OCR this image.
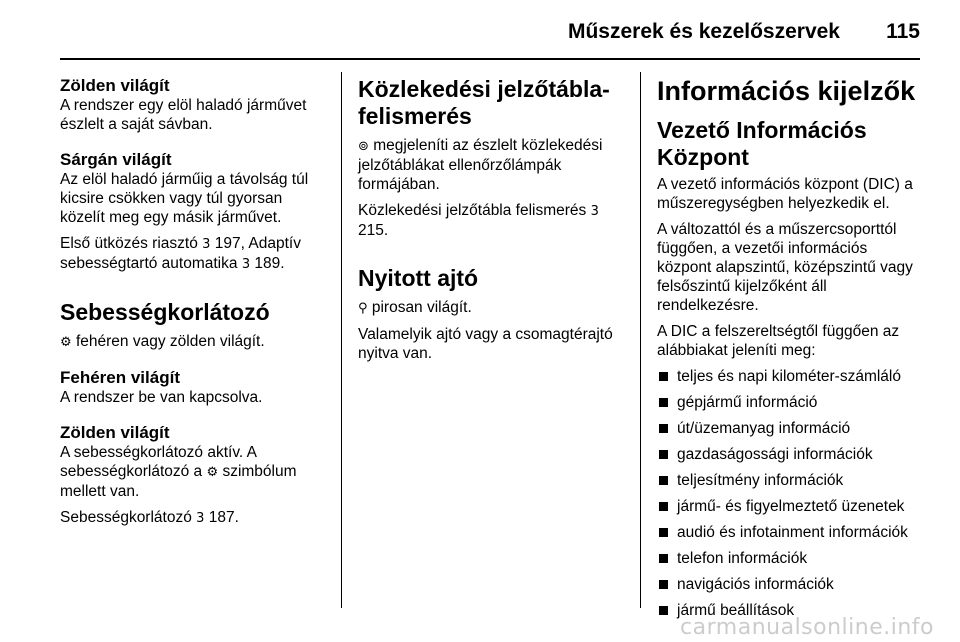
Műszerek és kezelőszervek 115
Zölden világít

A rendszer egy elöl haladó járművet észlelt a saját sávban.

Sárgán világít

Az elöl haladó járműig a távolság túl kicsire csökken vagy túl gyorsan közelít meg egy másik járművet.

Első ütközés riasztó 3 197, Adaptív sebességtartó automatika 3 189.

Sebességkorlátozó

⚙ fehéren vagy zölden világít.

Fehéren világít

A rendszer be van kapcsolva.

Zölden világít

A sebességkorlátozó aktív. A sebességkorlátozó a ⚙ szimbólum mellett van.

Sebességkorlátozó 3 187.

Közlekedési jelzőtábla-felismerés

⊚ megjeleníti az észlelt közlekedési jelzőtáblákat ellenőrzőlámpák formájában.

Közlekedési jelzőtábla felismerés 3 215.

Nyitott ajtó

⚲ pirosan világít.

Valamelyik ajtó vagy a csomagtérajtó nyitva van.

Információs kijelzők
Vezető Információs Központ

A vezető információs központ (DIC) a műszeregységben helyezkedik el.

A változattól és a műszercsoporttól függően, a vezetői információs központ alapszintű, középszintű vagy felsőszintű kijelzőként áll rendelkezésre.

A DIC a felszereltségtől függően az alábbiakat jeleníti meg:

teljes és napi kilométer-számláló
gépjármű információ
út/üzemanyag információ
gazdaságossági információk
teljesítmény információk
jármű- és figyelmeztető üzenetek
audió és infotainment információk
telefon információk
navigációs információk
jármű beállítások
carmanualsonline.info
